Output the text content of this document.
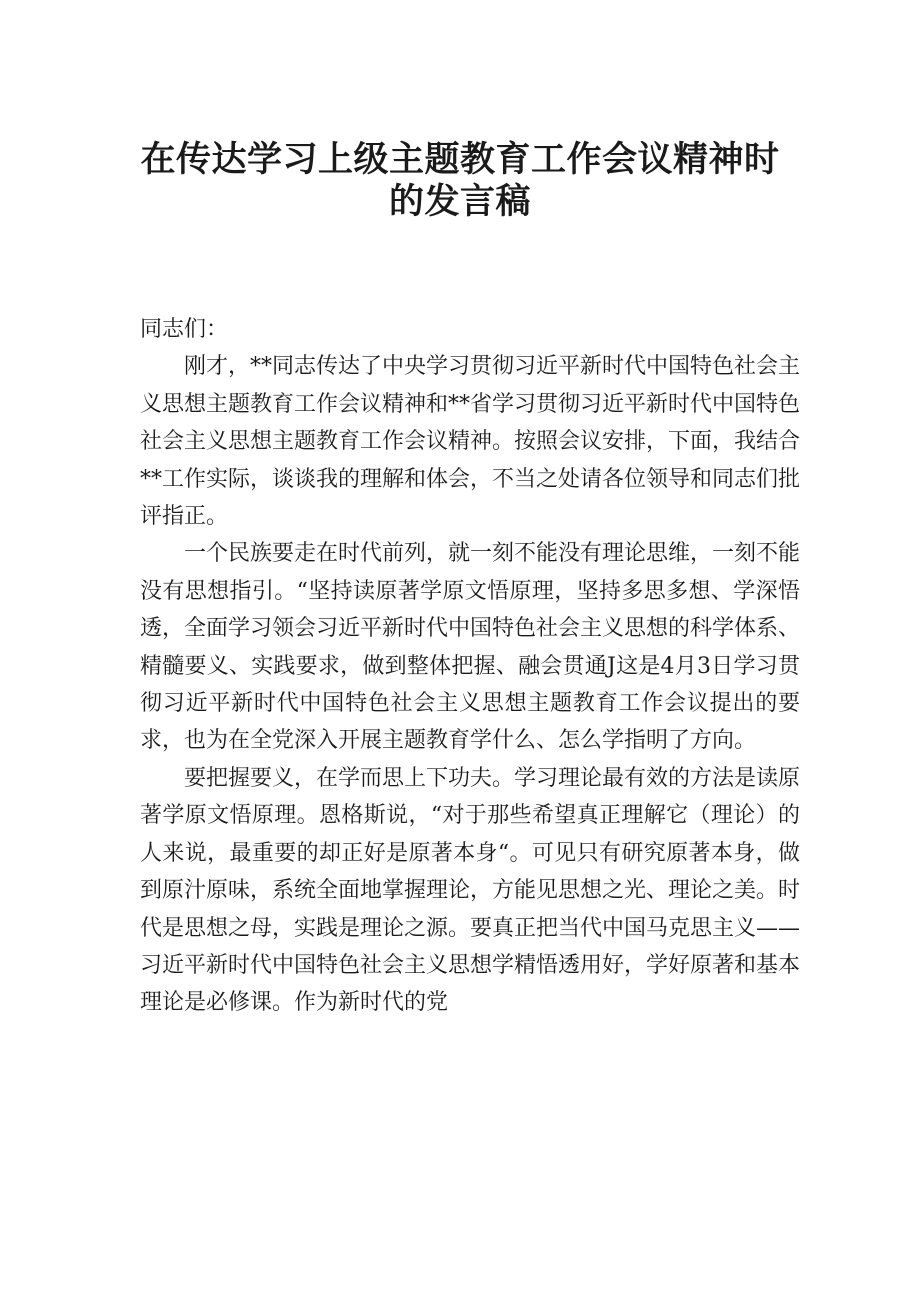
在传达学习上级主题教育工作会议精神时
的发言稿

同志们：

刚才，**同志传达了中央学习贯彻习近平新时代中国特色社会主义思想主题教育工作会议精神和**省学习贯彻习近平新时代中国特色社会主义思想主题教育工作会议精神。按照会议安排，下面，我结合**工作实际，谈谈我的理解和体会，不当之处请各位领导和同志们批评指正。

一个民族要走在时代前列，就一刻不能没有理论思维，一刻不能没有思想指引。“坚持读原著学原文悟原理，坚持多思多想、学深悟透，全面学习领会习近平新时代中国特色社会主义思想的科学体系、精髓要义、实践要求，做到整体把握、融会贯通J这是4月3日学习贯彻习近平新时代中国特色社会主义思想主题教育工作会议提出的要求，也为在全党深入开展主题教育学什么、怎么学指明了方向。

要把握要义，在学而思上下功夫。学习理论最有效的方法是读原著学原文悟原理。恩格斯说，“对于那些希望真正理解它（理论）的人来说，最重要的却正好是原著本身“。可见只有研究原著本身，做到原汁原味，系统全面地掌握理论，方能见思想之光、理论之美。时代是思想之母，实践是理论之源。要真正把当代中国马克思主义——习近平新时代中国特色社会主义思想学精悟透用好，学好原著和基本理论是必修课。作为新时代的党
